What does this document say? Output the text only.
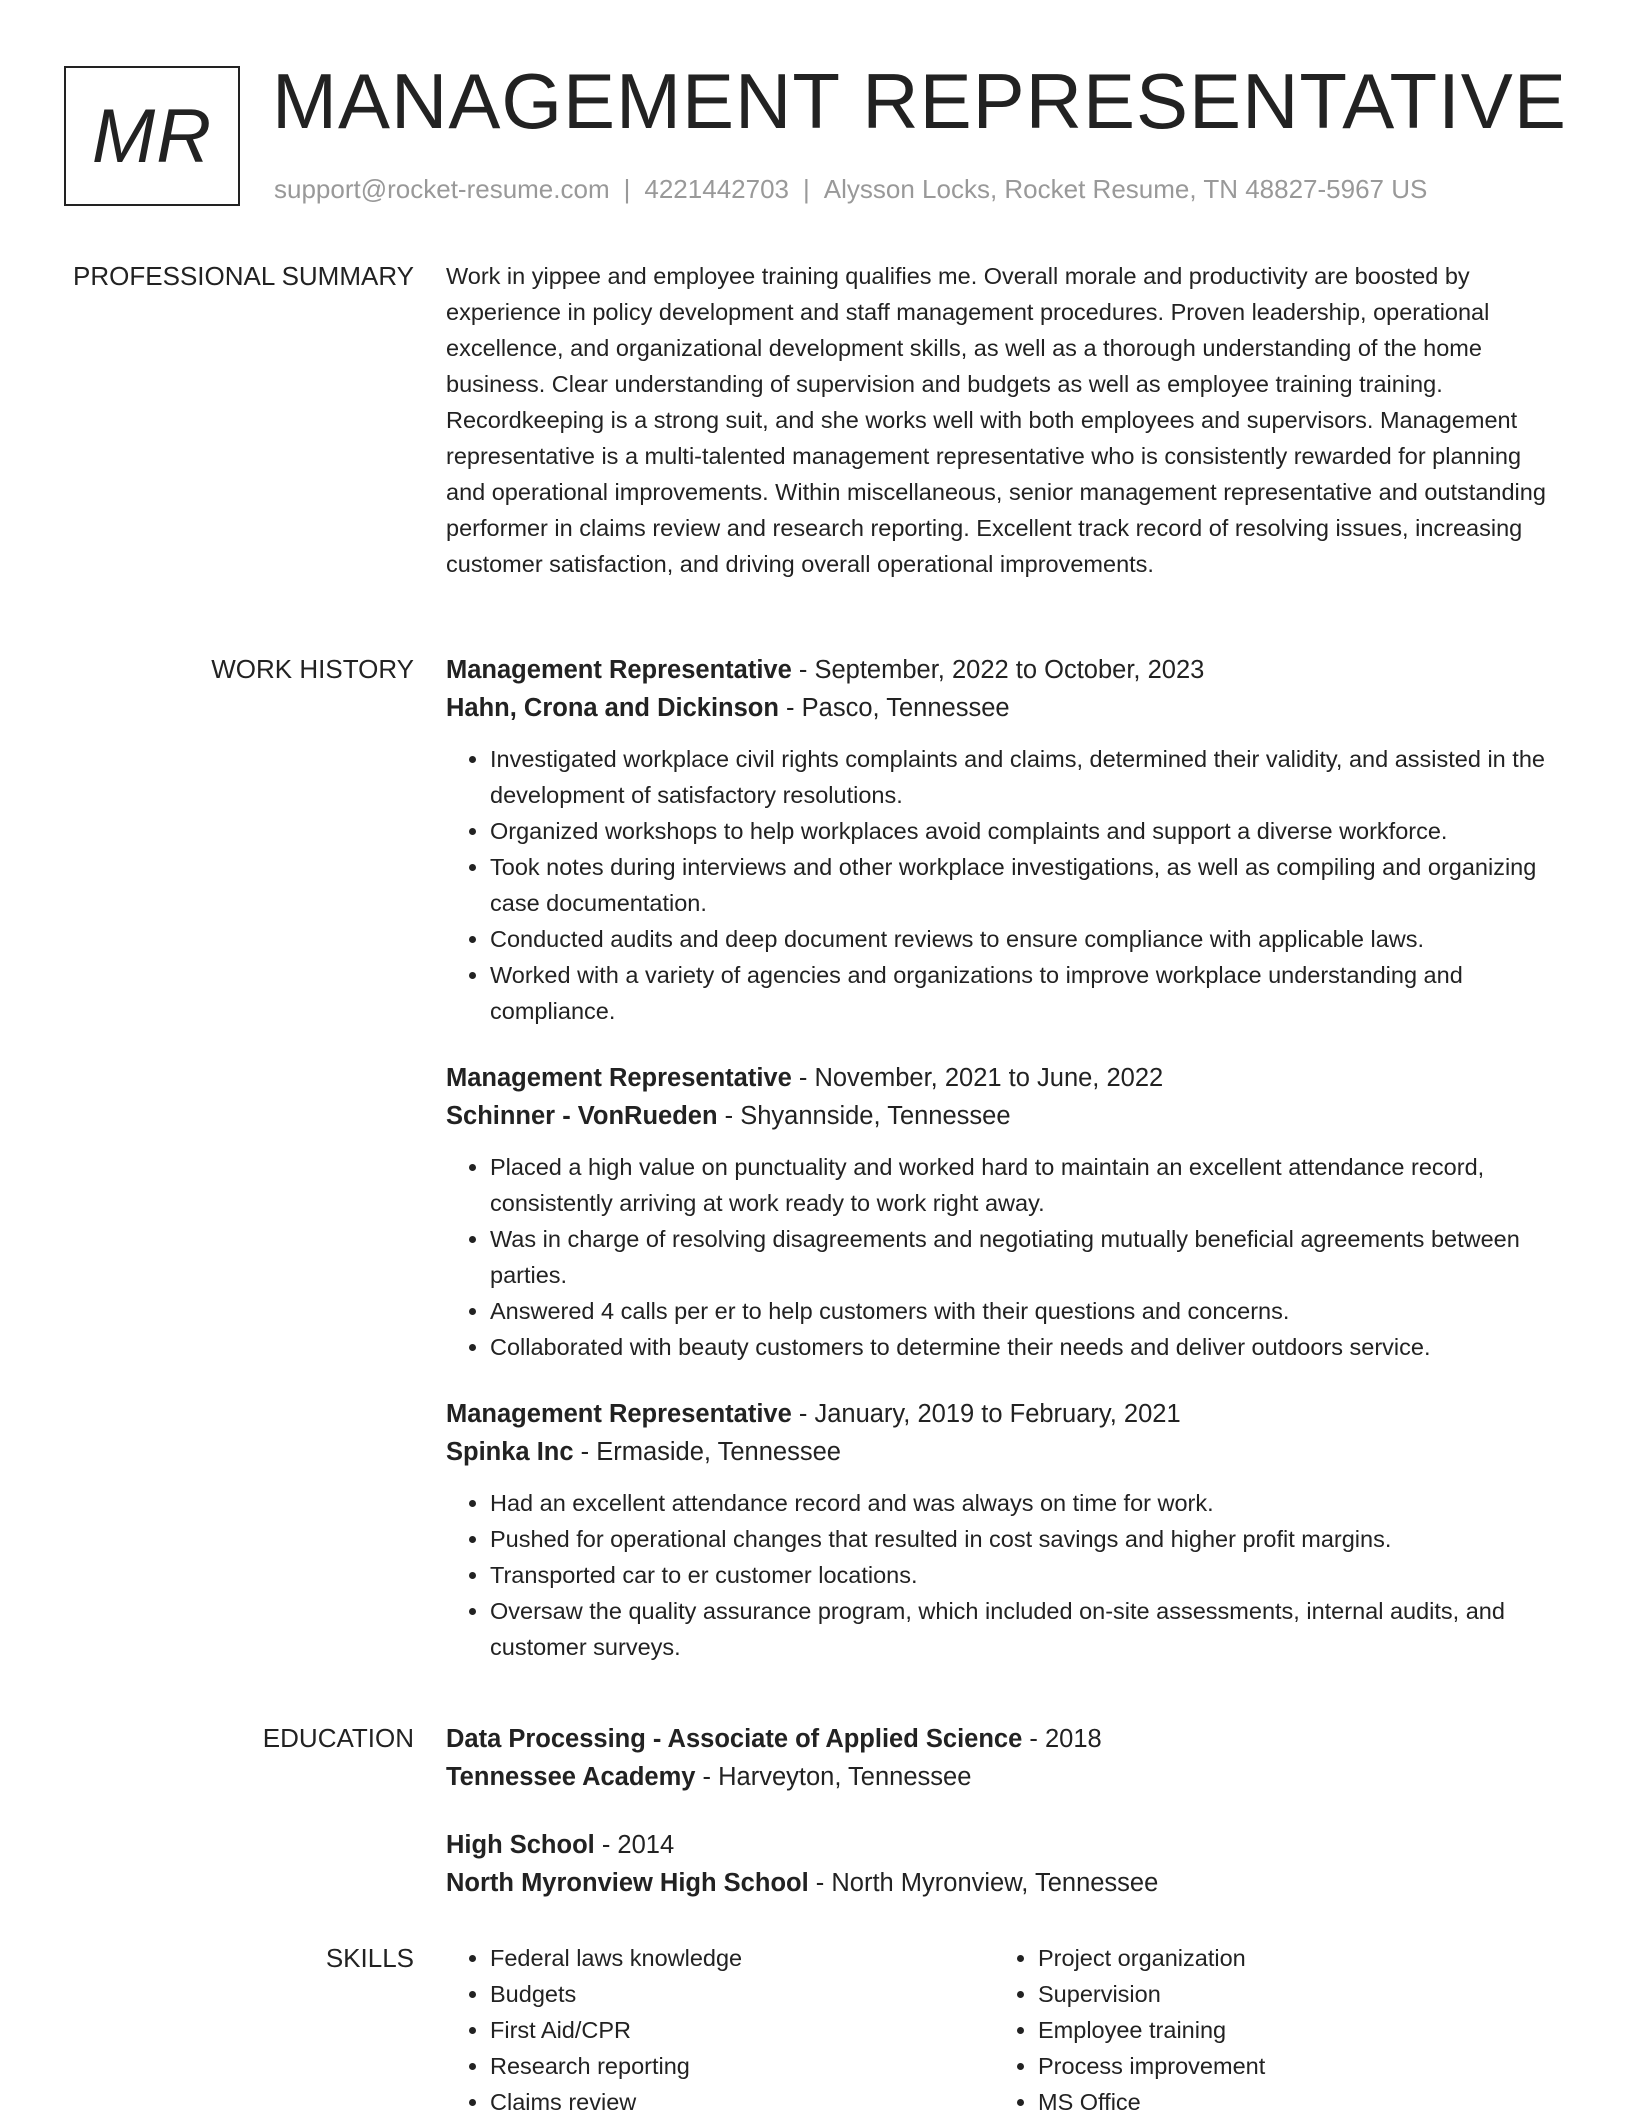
MR MANAGEMENT REPRESENTATIVE
support@rocket-resume.com | 4221442703 | Alysson Locks, Rocket Resume, TN 48827-5967 US
PROFESSIONAL SUMMARY Work in yippee and employee training qualifies me. Overall morale and productivity are boosted by experience in policy development and staff management procedures. Proven leadership, operational excellence, and organizational development skills, as well as a thorough understanding of the home business. Clear understanding of supervision and budgets as well as employee training training. Recordkeeping is a strong suit, and she works well with both employees and supervisors. Management representative is a multi-talented management representative who is consistently rewarded for planning and operational improvements. Within miscellaneous, senior management representative and outstanding performer in claims review and research reporting. Excellent track record of resolving issues, increasing customer satisfaction, and driving overall operational improvements.

WORK HISTORY Management Representative - September, 2022 to October, 2023

Hahn, Crona and Dickinson - Pasco, Tennessee

• Investigated workplace civil rights complaints and claims, determined their validity, and assisted in the development of satisfactory resolutions.
• Organized workshops to help workplaces avoid complaints and support a diverse workforce.
• Took notes during interviews and other workplace investigations, as well as compiling and organizing case documentation.
• Conducted audits and deep document reviews to ensure compliance with applicable laws.
• Worked with a variety of agencies and organizations to improve workplace understanding and compliance.

Management Representative - November, 2021 to June, 2022

Schinner - VonRueden - Shyannside, Tennessee

• Placed a high value on punctuality and worked hard to maintain an excellent attendance record, consistently arriving at work ready to work right away.
• Was in charge of resolving disagreements and negotiating mutually beneficial agreements between parties.
• Answered 4 calls per er to help customers with their questions and concerns.
• Collaborated with beauty customers to determine their needs and deliver outdoors service.

Management Representative - January, 2019 to February, 2021

Spinka Inc - Ermaside, Tennessee

• Had an excellent attendance record and was always on time for work.
• Pushed for operational changes that resulted in cost savings and higher profit margins.
• Transported car to er customer locations.
• Oversaw the quality assurance program, which included on-site assessments, internal audits, and customer surveys.
EDUCATION Data Processing - Associate of Applied Science - 2018

Tennessee Academy - Harveyton, Tennessee

High School - 2014

North Myronview High School - North Myronview, Tennessee

SKILLS
•	Federal laws knowledge
• Budgets
• First Aid/CPR
• Research reporting
• Claims review
• Project organization
• Supervision
• Employee training
• Process improvement
• MS Office
